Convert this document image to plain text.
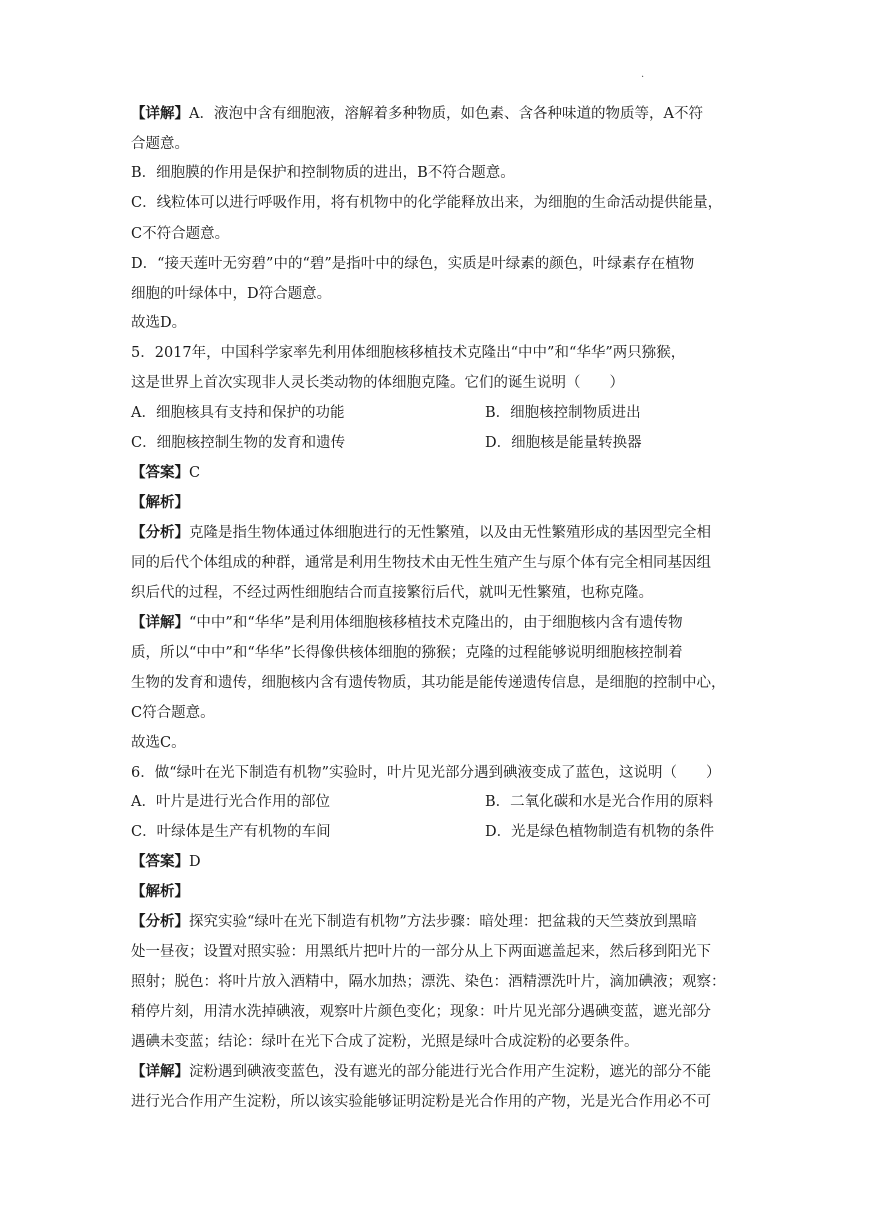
·
【详解】A．液泡中含有细胞液，溶解着多种物质，如色素、含各种味道的物质等，A不符
合题意。
B．细胞膜的作用是保护和控制物质的进出，B不符合题意。
C．线粒体可以进行呼吸作用，将有机物中的化学能释放出来，为细胞的生命活动提供能量，
C不符合题意。
D．“接天莲叶无穷碧”中的“碧”是指叶中的绿色，实质是叶绿素的颜色，叶绿素存在植物
细胞的叶绿体中，D符合题意。
故选D。
5．2017年，中国科学家率先利用体细胞核移植技术克隆出“中中”和“华华”两只猕猴，
这是世界上首次实现非人灵长类动物的体细胞克隆。它们的诞生说明（　　）
A．细胞核具有支持和保护的功能	B．细胞核控制物质进出
C．细胞核控制生物的发育和遗传	D．细胞核是能量转换器
【答案】C
【解析】
【分析】克隆是指生物体通过体细胞进行的无性繁殖，以及由无性繁殖形成的基因型完全相
同的后代个体组成的种群，通常是利用生物技术由无性生殖产生与原个体有完全相同基因组
织后代的过程，不经过两性细胞结合而直接繁衍后代，就叫无性繁殖，也称克隆。
【详解】“中中”和“华华”是利用体细胞核移植技术克隆出的，由于细胞核内含有遗传物
质，所以“中中”和“华华”长得像供核体细胞的猕猴；克隆的过程能够说明细胞核控制着
生物的发育和遗传，细胞核内含有遗传物质，其功能是能传递遗传信息，是细胞的控制中心，
C符合题意。
故选C。
6．做“绿叶在光下制造有机物”实验时，叶片见光部分遇到碘液变成了蓝色，这说明（　　）
A．叶片是进行光合作用的部位	B．二氧化碳和水是光合作用的原料
C．叶绿体是生产有机物的车间	D．光是绿色植物制造有机物的条件
【答案】D
【解析】
【分析】探究实验“绿叶在光下制造有机物”方法步骤：暗处理：把盆栽的天竺葵放到黑暗
处一昼夜；设置对照实验：用黑纸片把叶片的一部分从上下两面遮盖起来，然后移到阳光下
照射；脱色：将叶片放入酒精中，隔水加热；漂洗、染色：酒精漂洗叶片，滴加碘液；观察：
稍停片刻，用清水洗掉碘液，观察叶片颜色变化；现象：叶片见光部分遇碘变蓝，遮光部分
遇碘未变蓝；结论：绿叶在光下合成了淀粉，光照是绿叶合成淀粉的必要条件。
【详解】淀粉遇到碘液变蓝色，没有遮光的部分能进行光合作用产生淀粉，遮光的部分不能
进行光合作用产生淀粉，所以该实验能够证明淀粉是光合作用的产物，光是光合作用必不可
